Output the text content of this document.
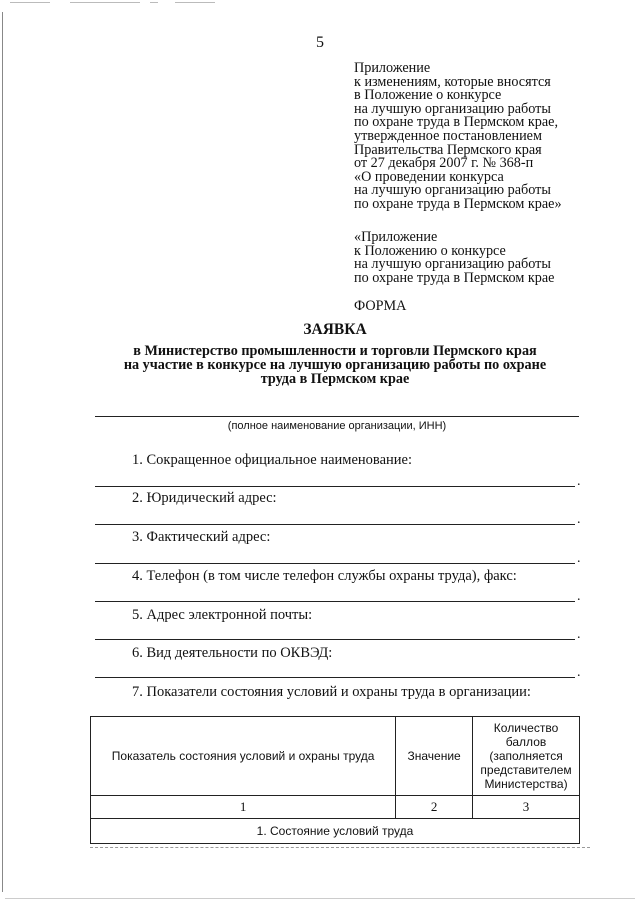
5
Приложение
к изменениям, которые вносятся
в Положение о конкурсе
на лучшую организацию работы
по охране труда в Пермском крае,
утвержденное постановлением
Правительства Пермского края
от 27 декабря 2007 г. № 368-п
«О проведении конкурса
на лучшую организацию работы
по охране труда в Пермском крае»
«Приложение
к Положению о конкурсе
на лучшую организацию работы
по охране труда в Пермском крае
ФОРМА
ЗАЯВКА
в Министерство промышленности и торговли Пермского края
на участие в конкурсе на лучшую организацию работы по охране
труда в Пермском крае
(полное наименование организации, ИНН)
1. Сокращенное официальное наименование:
.
2. Юридический адрес:
.
3. Фактический адрес:
.
4. Телефон (в том числе телефон службы охраны труда), факс:
.
5. Адрес электронной почты:
.
6. Вид деятельности по ОКВЭД:
.
7. Показатели состояния условий и охраны труда в организации:
Показатель состояния условий и охраны труда	Значение	Количество баллов (заполняется представителем Министерства)
1	2	3
1. Состояние условий труда		
